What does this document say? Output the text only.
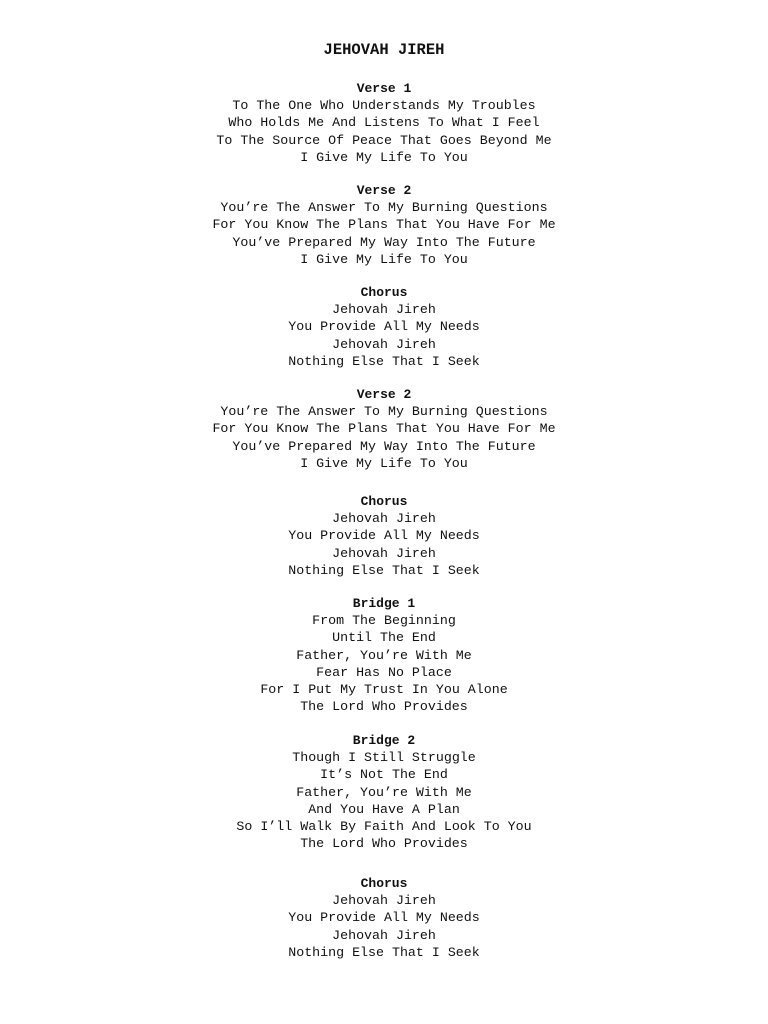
JEHOVAH JIREH
Verse 1
To The One Who Understands My Troubles
Who Holds Me And Listens To What I Feel
To The Source Of Peace That Goes Beyond Me
I Give My Life To You
Verse 2
You’re The Answer To My Burning Questions
For You Know The Plans That You Have For Me
You’ve Prepared My Way Into The Future
I Give My Life To You
Chorus
Jehovah Jireh
You Provide All My Needs
Jehovah Jireh
Nothing Else That I Seek
Verse 2
You’re The Answer To My Burning Questions
For You Know The Plans That You Have For Me
You’ve Prepared My Way Into The Future
I Give My Life To You
Chorus
Jehovah Jireh
You Provide All My Needs
Jehovah Jireh
Nothing Else That I Seek
Bridge 1
From The Beginning
Until The End
Father, You’re With Me
Fear Has No Place
For I Put My Trust In You Alone
The Lord Who Provides
Bridge 2
Though I Still Struggle
It’s Not The End
Father, You’re With Me
And You Have A Plan
So I’ll Walk By Faith And Look To You
The Lord Who Provides
Chorus
Jehovah Jireh
You Provide All My Needs
Jehovah Jireh
Nothing Else That I Seek
